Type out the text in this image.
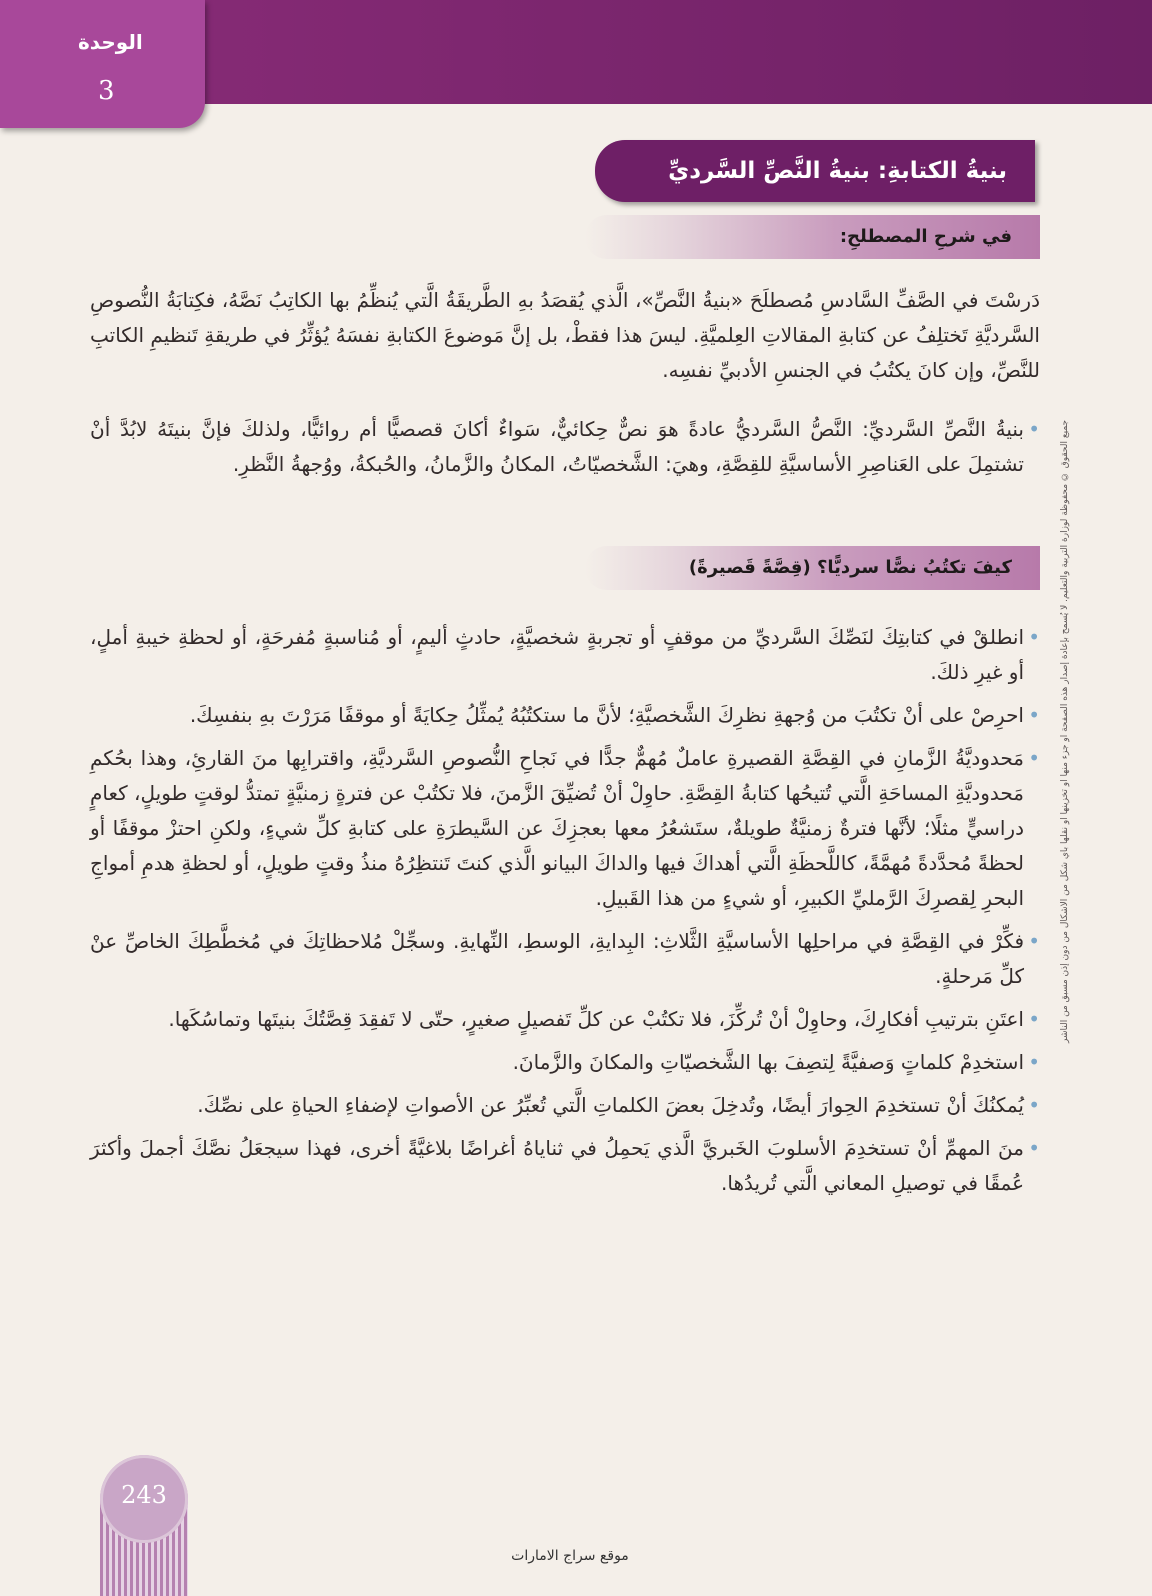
الوحدة
3
بنيةُ الكتابةِ: بنيةُ النَّصِّ السَّرديِّ
في شرحِ المصطلحِ:
دَرسْتَ في الصَّفِّ السَّادسِ مُصطلَحَ «بنيةُ النَّصِّ»، الَّذي يُقصَدُ بهِ الطَّريقَةُ الَّتي يُنظِّمُ بها الكاتِبُ نَصَّهُ، فكِتابَةُ النُّصوصِ السَّرديَّةِ تَختلِفُ عن كتابةِ المقالاتِ العِلميَّةِ. ليسَ هذا فقطْ، بل إنَّ مَوضوعَ الكتابةِ نفسَهُ يُؤثِّرُ في طريقةِ تَنظيمِ الكاتبِ للنَّصِّ، وإن كانَ يكتُبُ في الجنسِ الأدبيِّ نفسِه.
• بنيةُ النَّصِّ السَّرديِّ: النَّصُّ السَّرديُّ عادةً هوَ نصٌّ حِكائيٌّ، سَواءٌ أكانَ قصصيًّا أم روائيًّا، ولذلكَ فإنَّ بنيتَهُ لابُدَّ أنْ تشتمِلَ على العَناصِرِ الأساسيَّةِ للقِصَّةِ، وهيَ: الشَّخصيّاتُ، المكانُ والزَّمانُ، والحُبكةُ، ووُجهةُ النَّظرِ.
كيفَ تكتُبُ نصًّا سرديًّا؟ (قِصَّةً قَصيرةً)
• انطلقْ في كتابتِكَ لنَصِّكَ السَّرديِّ من موقفٍ أو تجربةٍ شخصيَّةٍ، حادثٍ أليمٍ، أو مُناسبةٍ مُفرحَةٍ، أو لحظةِ خيبةِ أملٍ، أو غيرِ ذلكَ.
• احرِصْ على أنْ تكتُبَ من وُجهةِ نظرِكَ الشَّخصيَّةِ؛ لأنَّ ما ستكتُبُهُ يُمثِّلُ حِكايَةً أو موقفًا مَرَرْتَ بهِ بنفسِكَ.
• مَحدوديَّةُ الزَّمانِ في القِصَّةِ القصيرةِ عاملٌ مُهمٌّ جدًّا في نَجاحِ النُّصوصِ السَّرديَّةِ، واقترابِها منَ القارئِ، وهذا بحُكمِ مَحدوديَّةِ المساحَةِ الَّتي تُتيحُها كتابةُ القِصَّةِ. حاوِلْ أنْ تُضيِّقَ الزَّمنَ، فلا تكتُبْ عن فترةٍ زمنيَّةٍ تمتدُّ لوقتٍ طويلٍ، كعامٍ دراسيٍّ مثلًا؛ لأنَّها فترةٌ زمنيَّةٌ طويلةٌ، ستَشعُرُ معها بعجزِكَ عن السَّيطرَةِ على كتابةِ كلِّ شيءٍ، ولكنِ احتزْ موقفًا أو لحظةً مُحدَّدةً مُهمَّةً، كاللَّحظَةِ الَّتي أهداكَ فيها والداكَ البيانو الَّذي كنتَ تَنتظِرُهُ منذُ وقتٍ طويلٍ، أو لحظةِ هدمِ أمواجِ البحرِ لِقصرِكَ الرَّمليِّ الكبيرِ، أو شيءٍ من هذا القَبيلِ.
• فكِّرْ في القِصَّةِ في مراحلِها الأساسيَّةِ الثَّلاثِ: البِدايةِ، الوسطِ، النِّهايةِ. وسجِّلْ مُلاحظاتِكَ في مُخطَّطِكَ الخاصِّ عنْ كلِّ مَرحلةٍ.
• اعتَنِ بترتيبِ أفكارِكَ، وحاوِلْ أنْ تُركِّزَ، فلا تكتُبْ عن كلِّ تَفصيلٍ صغيرٍ، حتّى لا تَفقِدَ قِصَّتُكَ بنيتَها وتماسُكَها.
• استخدِمْ كلماتٍ وَصفيَّةً لِتصِفَ بها الشَّخصيّاتِ والمكانَ والزَّمانَ.
• يُمكنُكَ أنْ تستخدِمَ الحِوارَ أيضًا، وتُدخِلَ بعضَ الكلماتِ الَّتي تُعبِّرُ عن الأصواتِ لإضفاءِ الحياةِ على نصِّكَ.
• منَ المهمِّ أنْ تستخدِمَ الأسلوبَ الخَبريَّ الَّذي يَحمِلُ في ثناياهُ أغراضًا بلاغيَّةً أخرى، فهذا سيجعَلُ نصَّكَ أجملَ وأكثرَ عُمقًا في توصيلِ المعاني الَّتي تُريدُها.
جميع الحقوق © محفوظة لوزارة التربية والتعليم. لا يُسمح بإعادة إصدار هذه الصفحة أو جزء منها أو تخزينها أو نقلها بأي شكل من الأشكال من دون إذن مسبق من الناشر
243
موقع سراج الامارات
